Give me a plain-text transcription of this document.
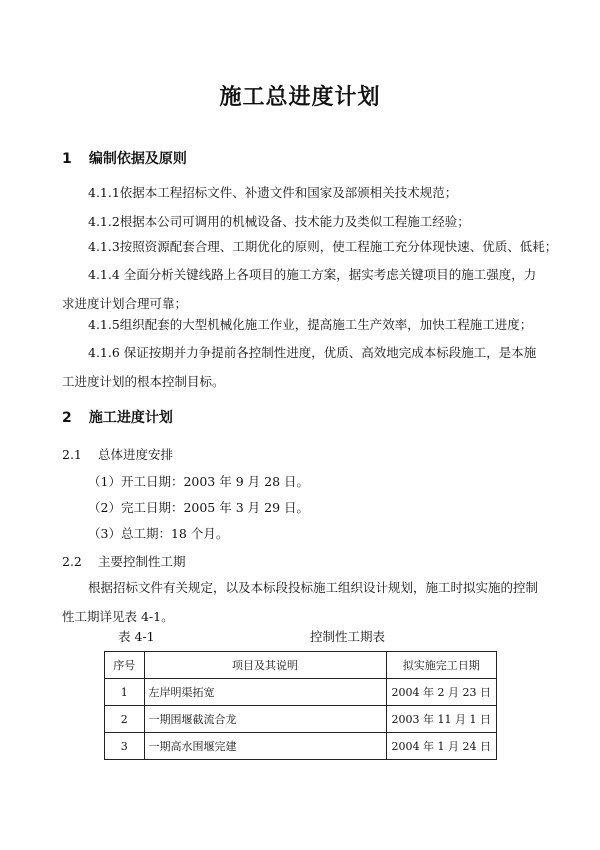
施工总进度计划
1 编制依据及原则
4.1.1依据本工程招标文件、补遗文件和国家及部颁相关技术规范；
4.1.2根据本公司可调用的机械设备、技术能力及类似工程施工经验；
4.1.3按照资源配套合理、工期优化的原则，使工程施工充分体现快速、优质、低耗；
4.1.4 全面分析关键线路上各项目的施工方案，据实考虑关键项目的施工强度，力求进度计划合理可靠；
4.1.5组织配套的大型机械化施工作业，提高施工生产效率，加快工程施工进度；
4.1.6 保证按期并力争提前各控制性进度，优质、高效地完成本标段施工，是本施工进度计划的根本控制目标。
2 施工进度计划
2.1 总体进度安排
（1）开工日期：2003 年 9 月 28 日。
（2）完工日期：2005 年 3 月 29 日。
（3）总工期：18 个月。
2.2 主要控制性工期
根据招标文件有关规定，以及本标段投标施工组织设计规划，施工时拟实施的控制性工期详见表 4-1。
表 4-1	控制性工期表
序号	项目及其说明	拟实施完工日期
1	左岸明渠拓宽	2004 年 2 月 23 日
2	一期围堰截流合龙	2003 年 11 月 1 日
3	一期高水围堰完建	2004 年 1 月 24 日
